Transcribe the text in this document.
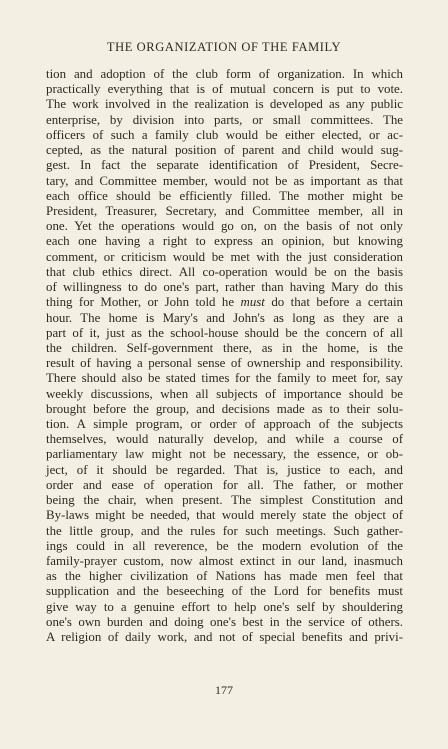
THE ORGANIZATION OF THE FAMILY
tion and adoption of the club form of organization. In which
practically everything that is of mutual concern is put to vote.
The work involved in the realization is developed as any public
enterprise, by division into parts, or small committees. The
officers of such a family club would be either elected, or ac-
cepted, as the natural position of parent and child would sug-
gest. In fact the separate identification of President, Secre-
tary, and Committee member, would not be as important as that
each office should be efficiently filled. The mother might be
President, Treasurer, Secretary, and Committee member, all in
one. Yet the operations would go on, on the basis of not only
each one having a right to express an opinion, but knowing
comment, or criticism would be met with the just consideration
that club ethics direct. All co-operation would be on the basis
of willingness to do one's part, rather than having Mary do this
thing for Mother, or John told he must do that before a certain
hour. The home is Mary's and John's as long as they are a
part of it, just as the school-house should be the concern of all
the children. Self-government there, as in the home, is the
result of having a personal sense of ownership and responsibility.
There should also be stated times for the family to meet for, say
weekly discussions, when all subjects of importance should be
brought before the group, and decisions made as to their solu-
tion. A simple program, or order of approach of the subjects
themselves, would naturally develop, and while a course of
parliamentary law might not be necessary, the essence, or ob-
ject, of it should be regarded. That is, justice to each, and
order and ease of operation for all. The father, or mother
being the chair, when present. The simplest Constitution and
By-laws might be needed, that would merely state the object of
the little group, and the rules for such meetings. Such gather-
ings could in all reverence, be the modern evolution of the
family-prayer custom, now almost extinct in our land, inasmuch
as the higher civilization of Nations has made men feel that
supplication and the beseeching of the Lord for benefits must
give way to a genuine effort to help one's self by shouldering
one's own burden and doing one's best in the service of others.
A religion of daily work, and not of special benefits and privi-
177
